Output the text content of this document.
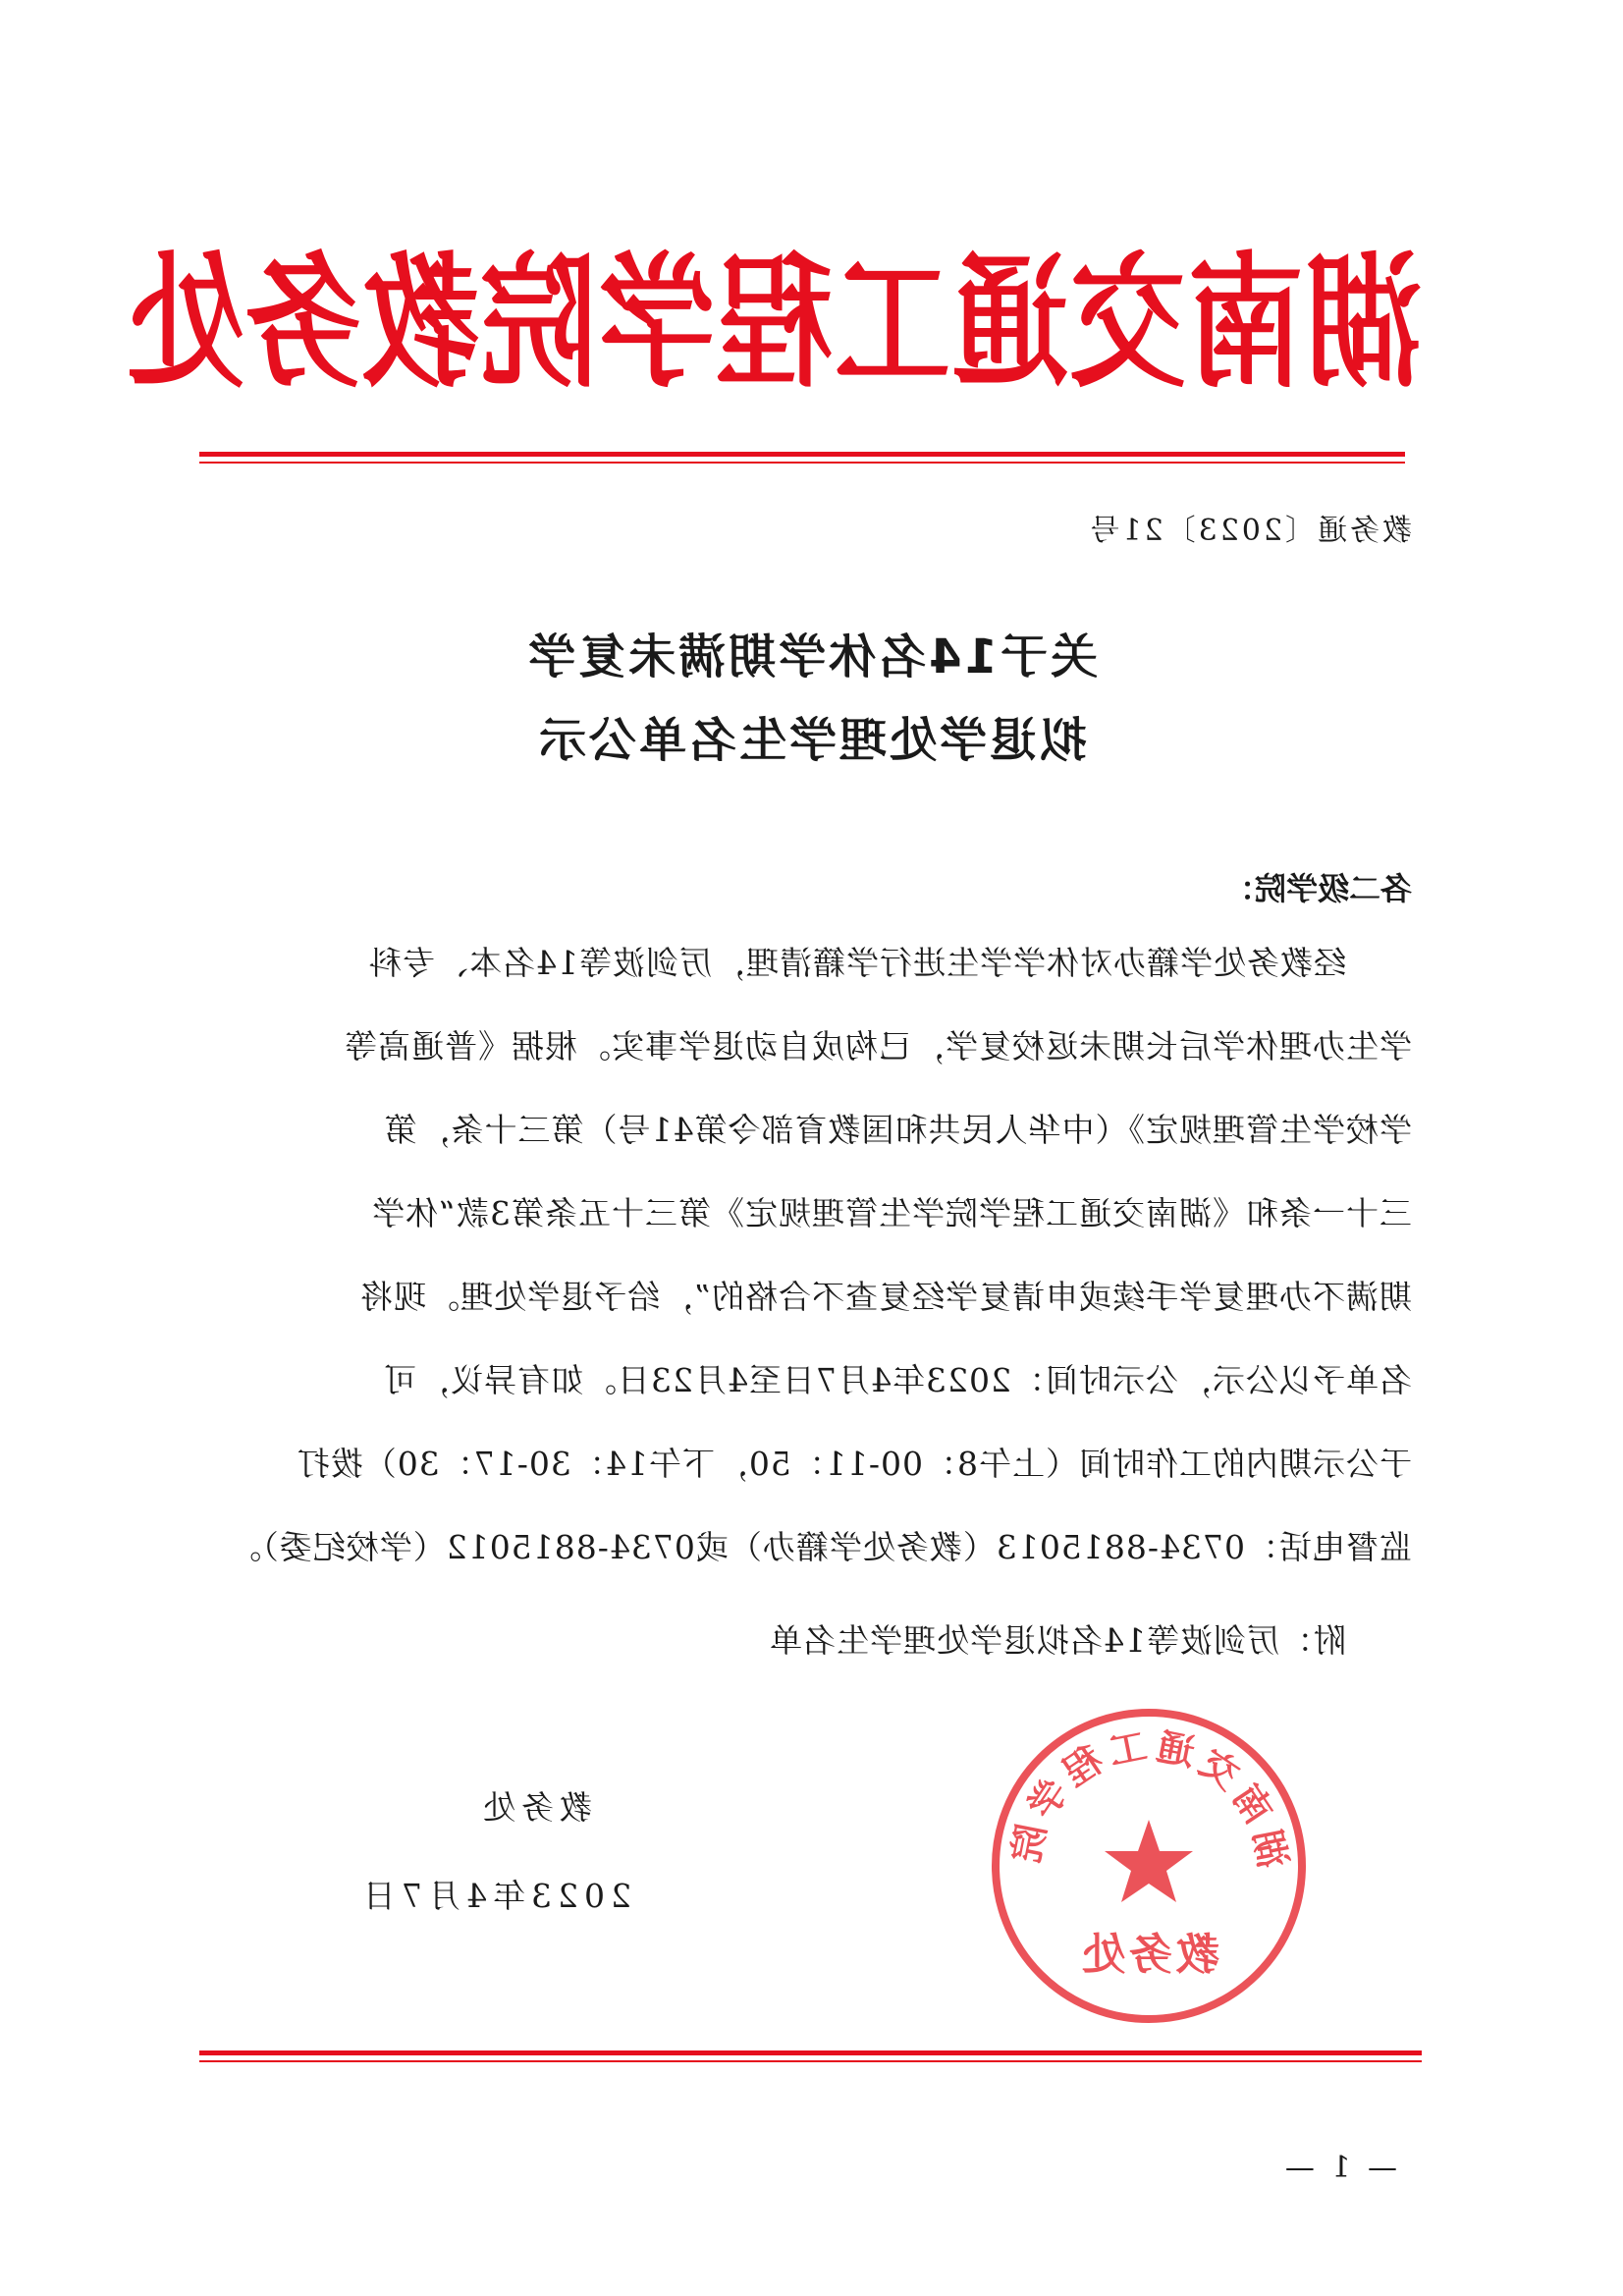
湖南交通工程学院教务处
教务通〔2023〕21号
关于14名休学期满未复学
拟退学处理学生名单公示
各二级学院：
经教务处学籍办对休学学生进行学籍清理，厉剑波等14名本、专科
学生办理休学后长期未返校复学，已构成自动退学事实。根据《普通高等
学校学生管理规定》（中华人民共和国教育部令第41号）第三十条，第
三十一条和《湖南交通工程学院学生管理规定》第三十五条第3款“休学
期满不办理复学手续或申请复学经复查不合格的”，给予退学处理。现将
名单予以公示，公示时间：2023年4月7日至4月23日。如有异议，可
于公示期内的工作时间（上午8：00-11：50，下午14：30-17：30）拨打
监督电话：0734-8815013（教务处学籍办）或0734-8815012（学校纪委）。
附：厉剑波等14名拟退学处理学生名单
湖南交通工程学院
教务处
教务处
2023年4月7日
— 1 —
